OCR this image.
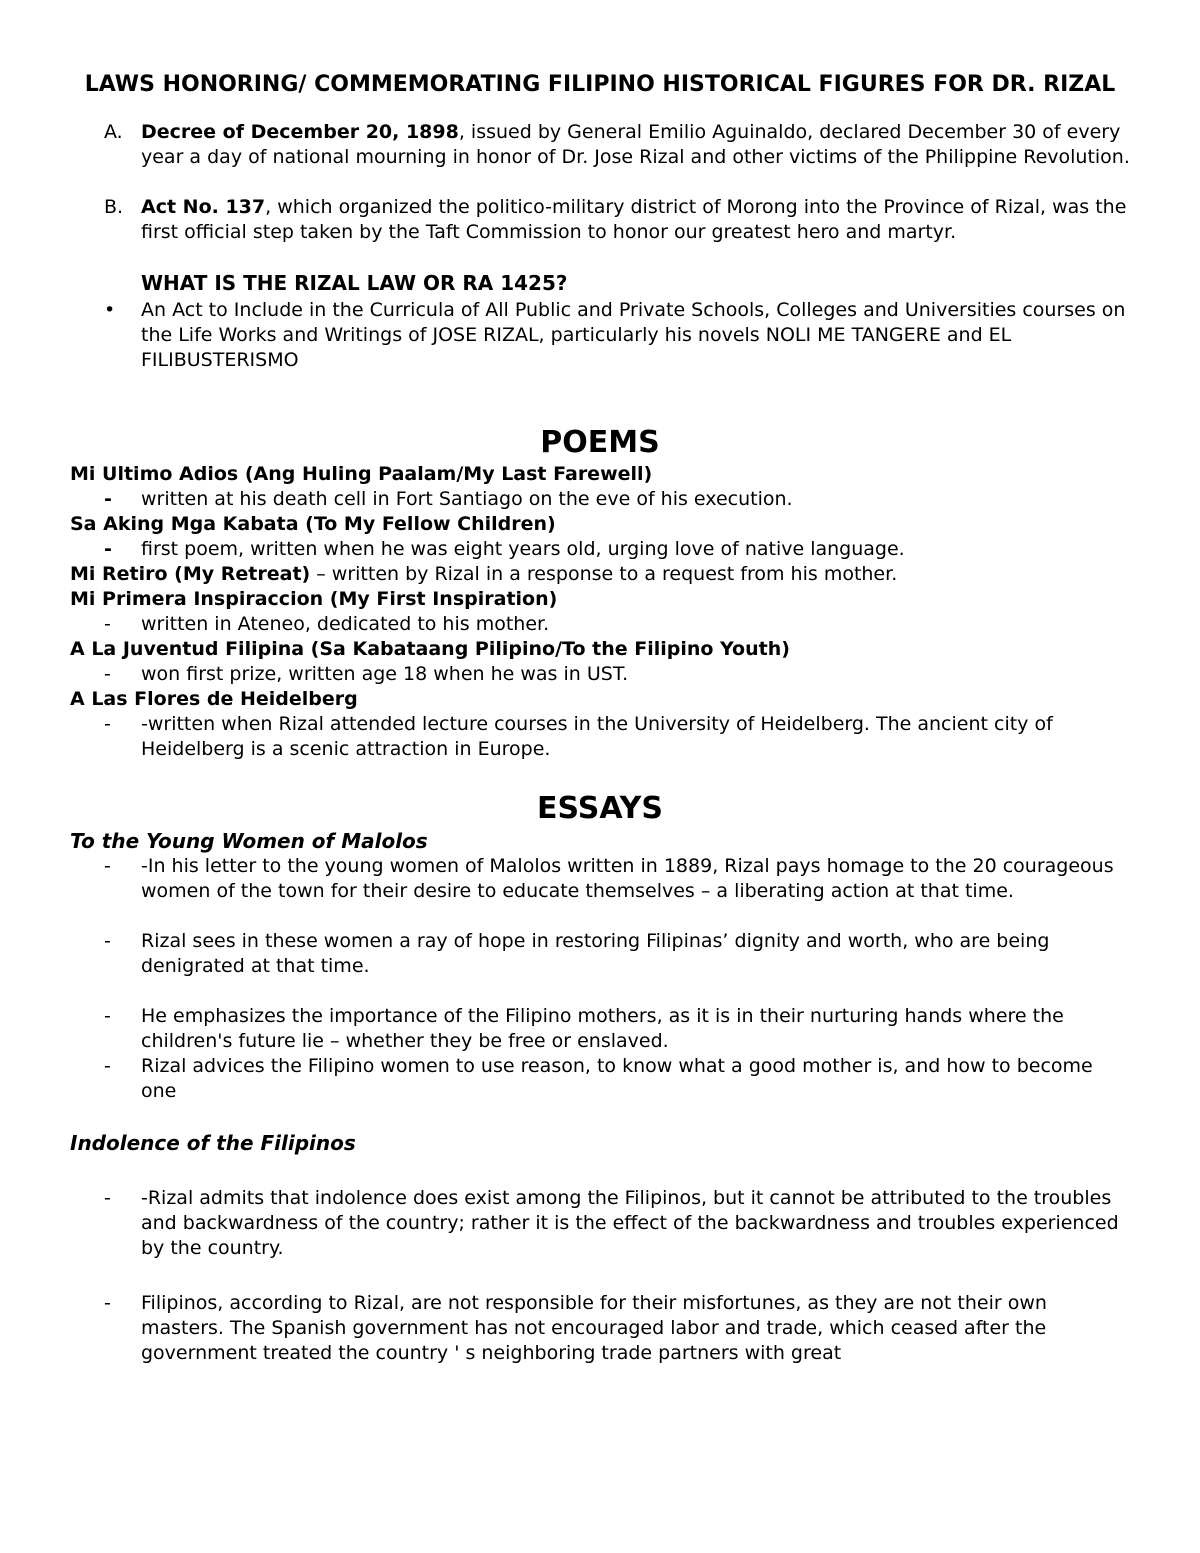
LAWS HONORING/ COMMEMORATING FILIPINO HISTORICAL FIGURES FOR DR. RIZAL
A. Decree of December 20, 1898, issued by General Emilio Aguinaldo, declared December 30 of every year a day of national mourning in honor of Dr. Jose Rizal and other victims of the Philippine Revolution.
B. Act No. 137, which organized the politico-military district of Morong into the Province of Rizal, was the first official step taken by the Taft Commission to honor our greatest hero and martyr.
WHAT IS THE RIZAL LAW OR RA 1425?
• An Act to Include in the Curricula of All Public and Private Schools, Colleges and Universities courses on the Life Works and Writings of JOSE RIZAL, particularly his novels NOLI ME TANGERE and EL FILIBUSTERISMO
POEMS

Mi Ultimo Adios (Ang Huling Paalam/My Last Farewell)

- written at his death cell in Fort Santiago on the eve of his execution.

Sa Aking Mga Kabata (To My Fellow Children)

- first poem, written when he was eight years old, urging love of native language.

Mi Retiro (My Retreat) – written by Rizal in a response to a request from his mother.

Mi Primera Inspiraccion (My First Inspiration)

- written in Ateneo, dedicated to his mother.

A La Juventud Filipina (Sa Kabataang Pilipino/To the Filipino Youth)

- won first prize, written age 18 when he was in UST.

A Las Flores de Heidelberg

- -written when Rizal attended lecture courses in the University of Heidelberg. The ancient city of Heidelberg is a scenic attraction in Europe.

ESSAYS

To the Young Women of Malolos

- -In his letter to the young women of Malolos written in 1889, Rizal pays homage to the 20 courageous women of the town for their desire to educate themselves – a liberating action at that time.

- Rizal sees in these women a ray of hope in restoring Filipinas’ dignity and worth, who are being denigrated at that time.

- He emphasizes the importance of the Filipino mothers, as it is in their nurturing hands where the children's future lie – whether they be free or enslaved.

- Rizal advices the Filipino women to use reason, to know what a good mother is, and how to become one

Indolence of the Filipinos

- -Rizal admits that indolence does exist among the Filipinos, but it cannot be attributed to the troubles and backwardness of the country; rather it is the effect of the backwardness and troubles experienced by the country.

- Filipinos, according to Rizal, are not responsible for their misfortunes, as they are not their own masters. The Spanish government has not encouraged labor and trade, which ceased after the government treated the country ' s neighboring trade partners with great
